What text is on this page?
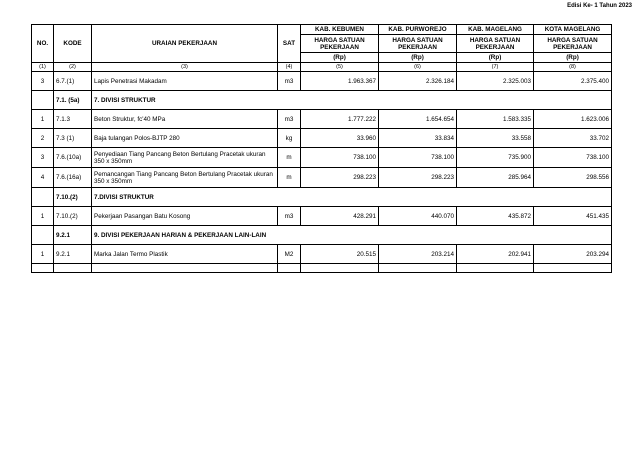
Edisi Ke- 1 Tahun 2023
NO.	KODE	URAIAN PEKERJAAN	SAT	KAB. KEBUMEN	KAB. PURWOREJO	KAB. MAGELANG	KOTA MAGELANG
				HARGA SATUAN PEKERJAAN	HARGA SATUAN PEKERJAAN	HARGA SATUAN PEKERJAAN	HARGA SATUAN PEKERJAAN
				(Rp)	(Rp)	(Rp)	(Rp)
(1)	(2)	(3)	(4)	(5)	(6)	(7)	(8)
3	6.7.(1)	Lapis Penetrasi Makadam	m3	1.963.367	2.326.184	2.325.003	2.375.400
	7.1. (5a)	7. DIVISI STRUKTUR					
1	7.1.3	Beton Struktur, fc'40 MPa	m3	1.777.222	1.654.654	1.583.335	1.623.006
2	7.3 (1)	Baja tulangan Polos-BJTP 280	kg	33.960	33.834	33.558	33.702
3	7.6.(10a)	Penyediaan Tiang Pancang Beton Bertulang Pracetak ukuran 350 x 350mm	m	738.100	738.100	735.900	738.100
4	7.6.(16a)	Pemancangan Tiang Pancang Beton Bertulang Pracetak ukuran 350 x 350mm	m	298.223	298.223	285.964	298.556
	7.10.(2)	7.DIVISI STRUKTUR					
1	7.10.(2)	Pekerjaan Pasangan Batu Kosong	m3	428.291	440.070	435.872	451.435
	9.2.1	9. DIVISI PEKERJAAN HARIAN & PEKERJAAN LAIN-LAIN					
1	9.2.1	Marka Jalan Termo Plastik	M2	20.515	203.214	202.941	203.294
